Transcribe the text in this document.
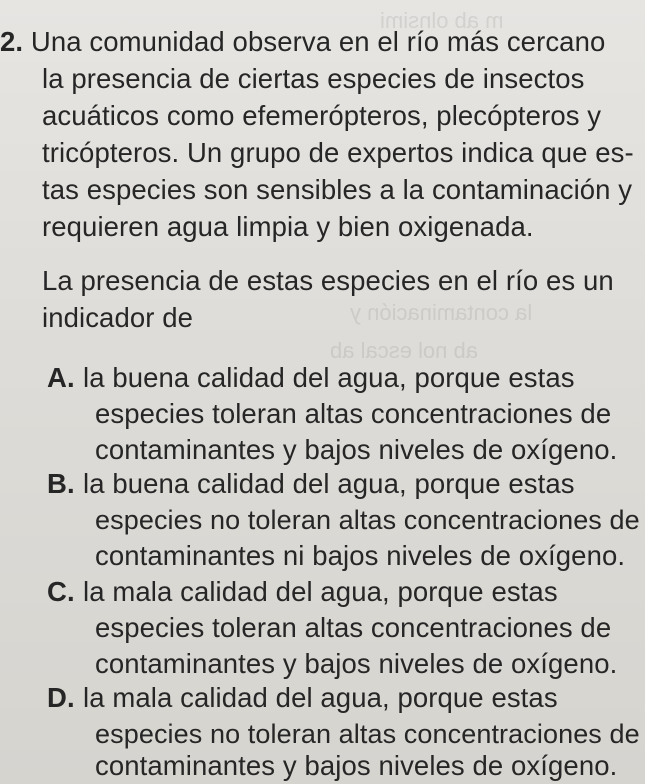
m ab olnsimi
la contaminación y
ab nol escal ab
2. Una comunidad observa en el río más cercano
la presencia de ciertas especies de insectos
acuáticos como efemerópteros, plecópteros y
tricópteros. Un grupo de expertos indica que es-
tas especies son sensibles a la contaminación y
requieren agua limpia y bien oxigenada.
La presencia de estas especies en el río es un
indicador de
A. la buena calidad del agua, porque estas
especies toleran altas concentraciones de
contaminantes y bajos niveles de oxígeno.
B. la buena calidad del agua, porque estas
especies no toleran altas concentraciones de
contaminantes ni bajos niveles de oxígeno.
C. la mala calidad del agua, porque estas
especies toleran altas concentraciones de
contaminantes y bajos niveles de oxígeno.
D. la mala calidad del agua, porque estas
especies no toleran altas concentraciones de
contaminantes y bajos niveles de oxígeno.
